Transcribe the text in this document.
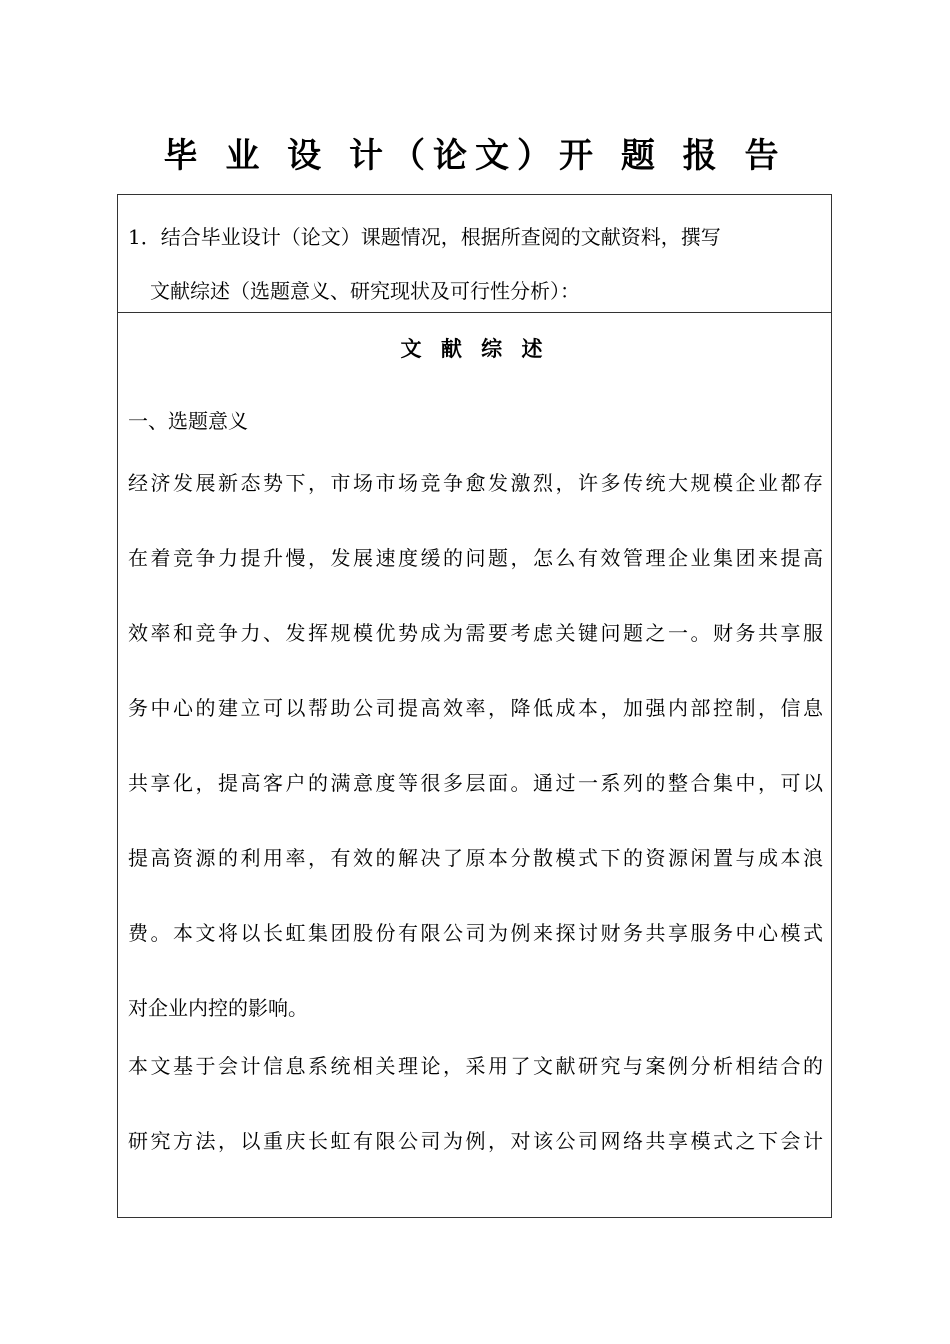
毕 业 设 计（论文）开 题 报 告
1．结合毕业设计（论文）课题情况，根据所查阅的文献资料，撰写
文献综述（选题意义、研究现状及可行性分析）：
文 献 综 述
一、选题意义
经济发展新态势下，市场市场竞争愈发激烈，许多传统大规模企业都存
在着竞争力提升慢，发展速度缓的问题，怎么有效管理企业集团来提高
效率和竞争力、发挥规模优势成为需要考虑关键问题之一。财务共享服
务中心的建立可以帮助公司提高效率，降低成本，加强内部控制，信息
共享化，提高客户的满意度等很多层面。通过一系列的整合集中，可以
提高资源的利用率，有效的解决了原本分散模式下的资源闲置与成本浪
费。本文将以长虹集团股份有限公司为例来探讨财务共享服务中心模式
对企业内控的影响。
本文基于会计信息系统相关理论，采用了文献研究与案例分析相结合的
研究方法，以重庆长虹有限公司为例，对该公司网络共享模式之下会计
